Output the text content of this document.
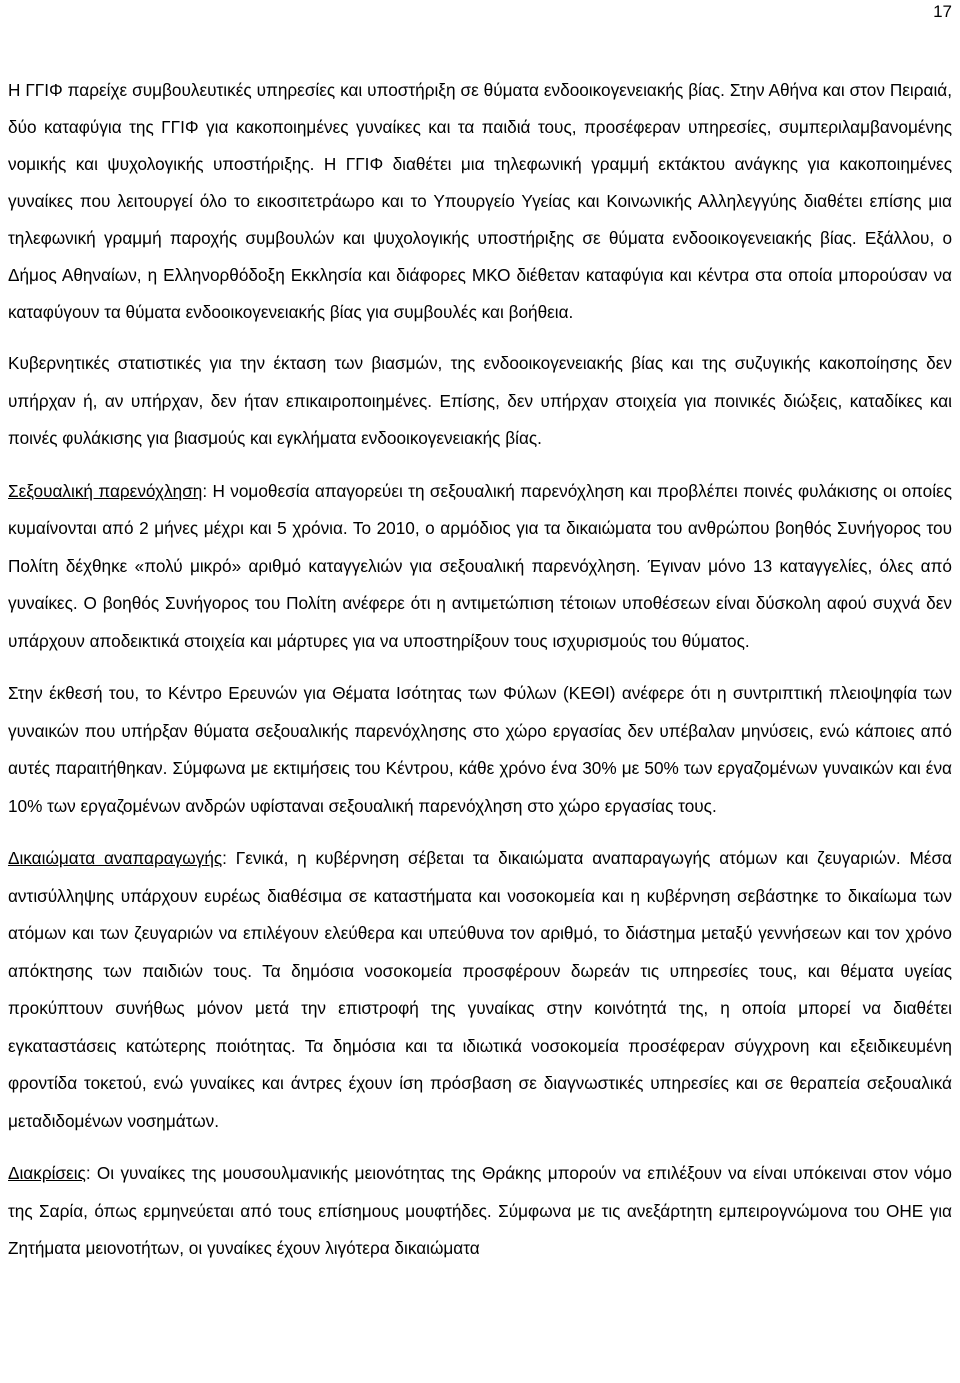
17

Η ΓΓΙΦ παρείχε συμβουλευτικές υπηρεσίες και υποστήριξη σε θύματα ενδοοικογενειακής βίας. Στην Αθήνα και στον Πειραιά, δύο καταφύγια της ΓΓΙΦ για κακοποιημένες γυναίκες και τα παιδιά τους, προσέφεραν υπηρεσίες, συμπεριλαμβανομένης νομικής και ψυχολογικής υποστήριξης. Η ΓΓΙΦ διαθέτει μια τηλεφωνική γραμμή εκτάκτου ανάγκης για κακοποιημένες γυναίκες που λειτουργεί όλο το εικοσιτετράωρο και το Υπουργείο Υγείας και Κοινωνικής Αλληλεγγύης διαθέτει επίσης μια τηλεφωνική γραμμή παροχής συμβουλών και ψυχολογικής υποστήριξης σε θύματα ενδοοικογενειακής βίας. Εξάλλου, ο Δήμος Αθηναίων, η Ελληνορθόδοξη Εκκλησία και διάφορες ΜΚΟ διέθεταν καταφύγια και κέντρα στα οποία μπορούσαν να καταφύγουν τα θύματα ενδοοικογενειακής βίας για συμβουλές και βοήθεια.

Κυβερνητικές στατιστικές για την έκταση των βιασμών, της ενδοοικογενειακής βίας και της συζυγικής κακοποίησης δεν υπήρχαν ή, αν υπήρχαν, δεν ήταν επικαιροποιημένες. Επίσης, δεν υπήρχαν στοιχεία για ποινικές διώξεις, καταδίκες και ποινές φυλάκισης για βιασμούς και εγκλήματα ενδοοικογενειακής βίας.

Σεξουαλική παρενόχληση: Η νομοθεσία απαγορεύει τη σεξουαλική παρενόχληση και προβλέπει ποινές φυλάκισης οι οποίες κυμαίνονται από 2 μήνες μέχρι και 5 χρόνια. Το 2010, ο αρμόδιος για τα δικαιώματα του ανθρώπου βοηθός Συνήγορος του Πολίτη δέχθηκε «πολύ μικρό» αριθμό καταγγελιών για σεξουαλική παρενόχληση. Έγιναν μόνο 13 καταγγελίες, όλες από γυναίκες. Ο βοηθός Συνήγορος του Πολίτη ανέφερε ότι η αντιμετώπιση τέτοιων υποθέσεων είναι δύσκολη αφού συχνά δεν υπάρχουν αποδεικτικά στοιχεία και μάρτυρες για να υποστηρίξουν τους ισχυρισμούς του θύματος.

Στην έκθεσή του, το Κέντρο Ερευνών για Θέματα Ισότητας των Φύλων (ΚΕΘΙ) ανέφερε ότι η συντριπτική πλειοψηφία των γυναικών που υπήρξαν θύματα σεξουαλικής παρενόχλησης στο χώρο εργασίας δεν υπέβαλαν μηνύσεις, ενώ κάποιες από αυτές παραιτήθηκαν. Σύμφωνα με εκτιμήσεις του Κέντρου, κάθε χρόνο ένα 30% με 50% των εργαζομένων γυναικών και ένα 10% των εργαζομένων ανδρών υφίσταναι σεξουαλική παρενόχληση στο χώρο εργασίας τους.

Δικαιώματα αναπαραγωγής: Γενικά, η κυβέρνηση σέβεται τα δικαιώματα αναπαραγωγής ατόμων και ζευγαριών. Μέσα αντισύλληψης υπάρχουν ευρέως διαθέσιμα σε καταστήματα και νοσοκομεία και η κυβέρνηση σεβάστηκε το δικαίωμα των ατόμων και των ζευγαριών να επιλέγουν ελεύθερα και υπεύθυνα τον αριθμό, το διάστημα μεταξύ γεννήσεων και τον χρόνο απόκτησης των παιδιών τους. Τα δημόσια νοσοκομεία προσφέρουν δωρεάν τις υπηρεσίες τους, και θέματα υγείας προκύπτουν συνήθως μόνον μετά την επιστροφή της γυναίκας στην κοινότητά της, η οποία μπορεί να διαθέτει εγκαταστάσεις κατώτερης ποιότητας. Τα δημόσια και τα ιδιωτικά νοσοκομεία προσέφεραν σύγχρονη και εξειδικευμένη φροντίδα τοκετού, ενώ γυναίκες και άντρες έχουν ίση πρόσβαση σε διαγνωστικές υπηρεσίες και σε θεραπεία σεξουαλικά μεταδιδομένων νοσημάτων.

Διακρίσεις: Οι γυναίκες της μουσουλμανικής μειονότητας της Θράκης μπορούν να επιλέξουν να είναι υπόκειναι στον νόμο της Σαρία, όπως ερμηνεύεται από τους επίσημους μουφτήδες. Σύμφωνα με τις ανεξάρτητη εμπειρογνώμονα του ΟΗΕ για Ζητήματα μειονοτήτων, οι γυναίκες έχουν λιγότερα δικαιώματα
